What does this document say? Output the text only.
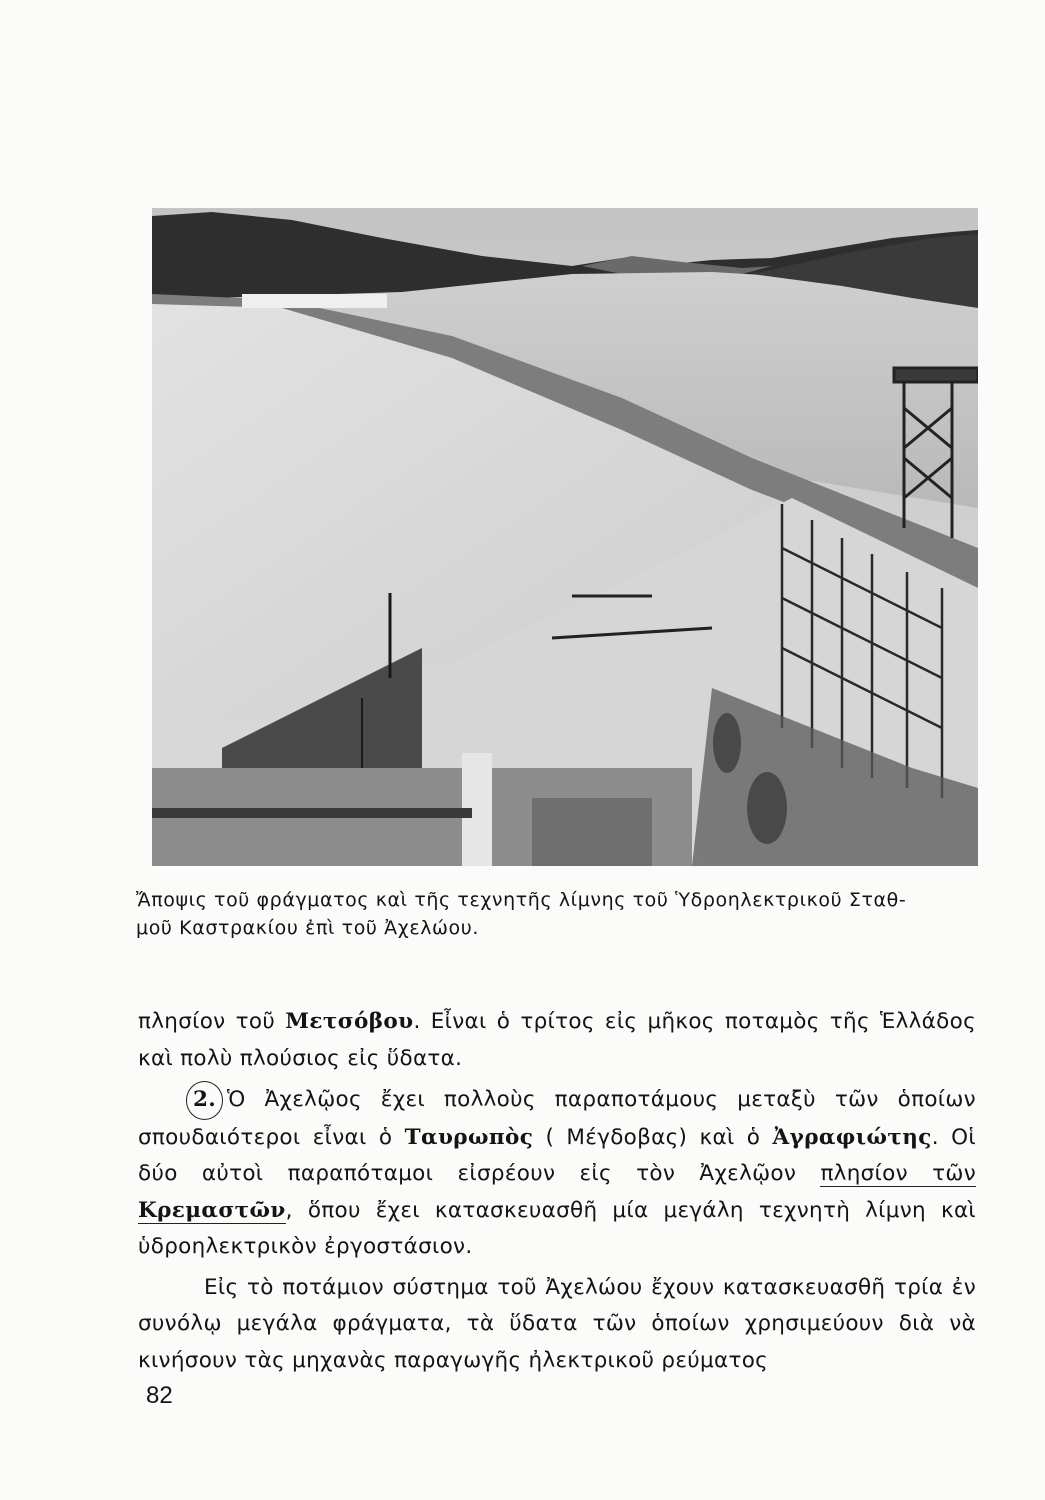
Ἄποψις τοῦ φράγματος καὶ τῆς τεχνητῆς λίμνης τοῦ Ὑδροηλεκτρικοῦ Σταθ-
μοῦ Καστρακίου ἐπὶ τοῦ Ἀχελώου.

πλησίον τοῦ Μετσόβου. Εἶναι ὁ τρίτος εἰς μῆκος ποταμὸς τῆς Ἑλλάδος καὶ πολὺ πλούσιος εἰς ὕδατα.

2. Ὁ Ἀχελῷος ἔχει πολλοὺς παραποτάμους μεταξὺ τῶν ὁποίων σπουδαιότεροι εἶναι ὁ Ταυρωπὸς ( Μέγδοβας) καὶ ὁ Ἀγραφιώτης. Οἱ δύο αὐτοὶ παραπόταμοι εἰσρέουν εἰς τὸν Ἀχελῷον πλησίον τῶν Κρεμαστῶν, ὅπου ἔχει κατασκευασθῆ μία μεγάλη τεχνητὴ λίμνη καὶ ὑδροηλεκτρικὸν ἐργοστάσιον.

Εἰς τὸ ποτάμιον σύστημα τοῦ Ἀχελώου ἔχουν κατασκευασθῆ τρία ἐν συνόλῳ μεγάλα φράγματα, τὰ ὕδατα τῶν ὁποίων χρησιμεύουν διὰ νὰ κινήσουν τὰς μηχανὰς παραγωγῆς ἠλεκτρικοῦ ρεύματος

82
